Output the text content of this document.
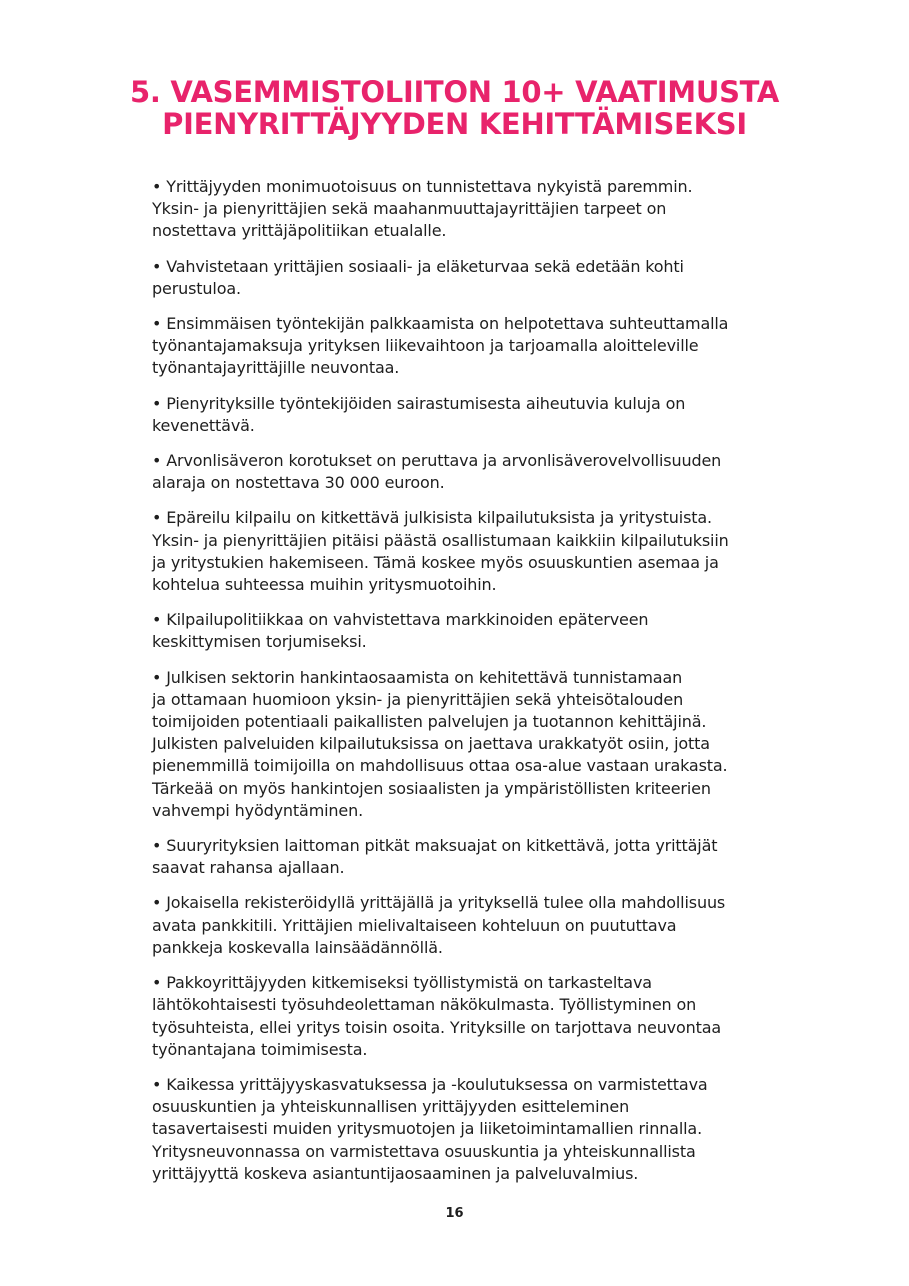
5. VASEMMISTOLIITON 10+ VAATIMUSTA
PIENYRITTÄJYYDEN KEHITTÄMISEKSI
• Yrittäjyyden monimuotoisuus on tunnistettava nykyistä paremmin.
Yksin- ja pienyrittäjien sekä maahanmuuttajayrittäjien tarpeet on
nostettava yrittäjäpolitiikan etualalle.
• Vahvistetaan yrittäjien sosiaali- ja eläketurvaa sekä edetään kohti
perustuloa.
• Ensimmäisen työntekijän palkkaamista on helpotettava suhteuttamalla
työnantajamaksuja yrityksen liikevaihtoon ja tarjoamalla aloitteleville
työnantajayrittäjille neuvontaa.
• Pienyrityksille työntekijöiden sairastumisesta aiheutuvia kuluja on
kevenettävä.
• Arvonlisäveron korotukset on peruttava ja arvonlisäverovelvollisuuden
alaraja on nostettava 30 000 euroon.
• Epäreilu kilpailu on kitkettävä julkisista kilpailutuksista ja yritystuista.
Yksin- ja pienyrittäjien pitäisi päästä osallistumaan kaikkiin kilpailutuksiin
ja yritystukien hakemiseen. Tämä koskee myös osuuskuntien asemaa ja
kohtelua suhteessa muihin yritysmuotoihin.
• Kilpailupolitiikkaa on vahvistettava markkinoiden epäterveen
keskittymisen torjumiseksi.
• Julkisen sektorin hankintaosaamista on kehitettävä tunnistamaan
ja ottamaan huomioon yksin- ja pienyrittäjien sekä yhteisötalouden
toimijoiden potentiaali paikallisten palvelujen ja tuotannon kehittäjinä.
Julkisten palveluiden kilpailutuksissa on jaettava urakkatyöt osiin, jotta
pienemmillä toimijoilla on mahdollisuus ottaa osa-alue vastaan urakasta.
Tärkeää on myös hankintojen sosiaalisten ja ympäristöllisten kriteerien
vahvempi hyödyntäminen.
• Suuryrityksien laittoman pitkät maksuajat on kitkettävä, jotta yrittäjät
saavat rahansa ajallaan.
• Jokaisella rekisteröidyllä yrittäjällä ja yrityksellä tulee olla mahdollisuus
avata pankkitili. Yrittäjien mielivaltaiseen kohteluun on puututtava
pankkeja koskevalla lainsäädännöllä.
• Pakkoyrittäjyyden kitkemiseksi työllistymistä on tarkasteltava
lähtökohtaisesti työsuhdeolettaman näkökulmasta. Työllistyminen on
työsuhteista, ellei yritys toisin osoita. Yrityksille on tarjottava neuvontaa
työnantajana toimimisesta.
• Kaikessa yrittäjyyskasvatuksessa ja -koulutuksessa on varmistettava
osuuskuntien ja yhteiskunnallisen yrittäjyyden esitteleminen
tasavertaisesti muiden yritysmuotojen ja liiketoimintamallien rinnalla.
Yritysneuvonnassa on varmistettava osuuskuntia ja yhteiskunnallista
yrittäjyyttä koskeva asiantuntijaosaaminen ja palveluvalmius.
16
